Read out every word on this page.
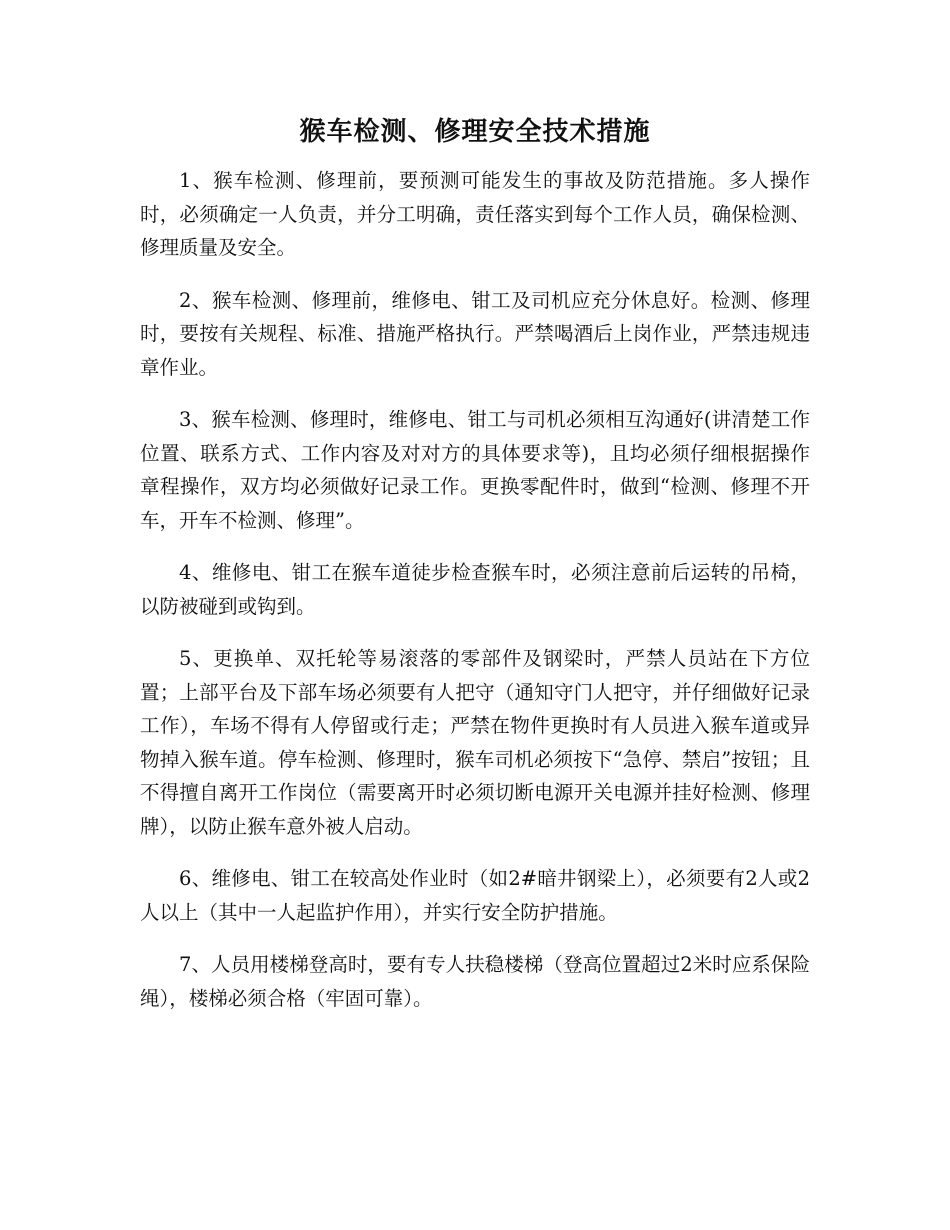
猴车检测、修理安全技术措施

1、猴车检测、修理前，要预测可能发生的事故及防范措施。多人操作时，必须确定一人负责，并分工明确，责任落实到每个工作人员，确保检测、修理质量及安全。

2、猴车检测、修理前，维修电、钳工及司机应充分休息好。检测、修理时，要按有关规程、标准、措施严格执行。严禁喝酒后上岗作业，严禁违规违章作业。

3、猴车检测、修理时，维修电、钳工与司机必须相互沟通好(讲清楚工作位置、联系方式、工作内容及对对方的具体要求等)，且均必须仔细根据操作章程操作，双方均必须做好记录工作。更换零配件时，做到“检测、修理不开车，开车不检测、修理”。

4、维修电、钳工在猴车道徒步检查猴车时，必须注意前后运转的吊椅，以防被碰到或钩到。

5、更换单、双托轮等易滚落的零部件及钢梁时，严禁人员站在下方位置；上部平台及下部车场必须要有人把守（通知守门人把守，并仔细做好记录工作），车场不得有人停留或行走；严禁在物件更换时有人员进入猴车道或异物掉入猴车道。停车检测、修理时，猴车司机必须按下“急停、禁启”按钮；且不得擅自离开工作岗位（需要离开时必须切断电源开关电源并挂好检测、修理牌），以防止猴车意外被人启动。

6、维修电、钳工在较高处作业时（如2#暗井钢梁上），必须要有2人或2人以上（其中一人起监护作用），并实行安全防护措施。

7、人员用楼梯登高时，要有专人扶稳楼梯（登高位置超过2米时应系保险绳），楼梯必须合格（牢固可靠）。
